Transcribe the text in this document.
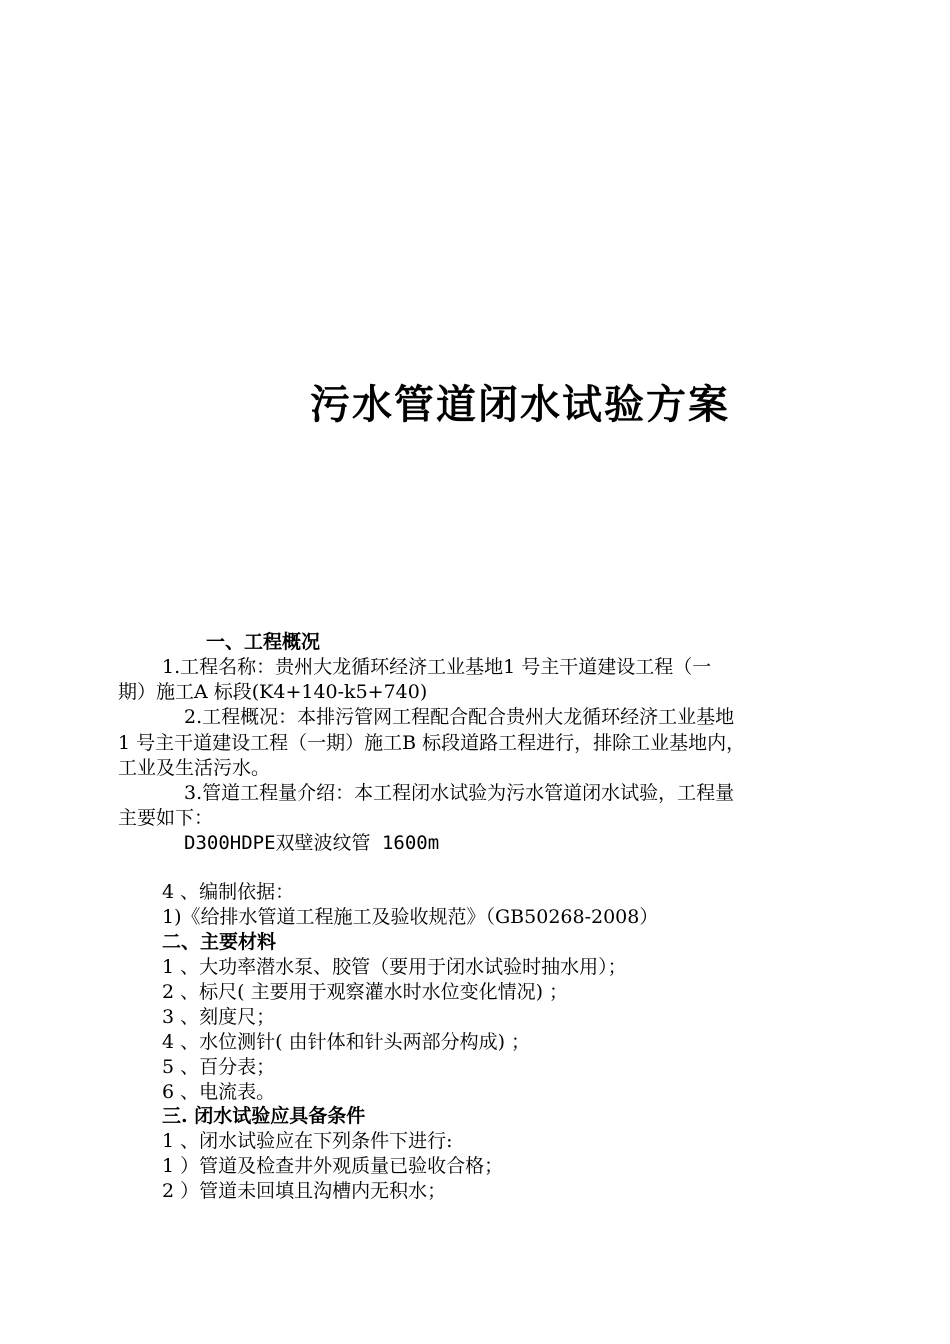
污水管道闭水试验方案
一、工程概况
1.工程名称：贵州大龙循环经济工业基地1 号主干道建设工程（一
期）施工A 标段(K4+140-k5+740)
2.工程概况：本排污管网工程配合配合贵州大龙循环经济工业基地
1 号主干道建设工程（一期）施工B 标段道路工程进行，排除工业基地内，
工业及生活污水。
3.管道工程量介绍：本工程闭水试验为污水管道闭水试验，工程量
主要如下：
D300HDPE双壁波纹管 1600m
4 、编制依据：
1)《给排水管道工程施工及验收规范》（GB50268-2008）
二、主要材料
1 、大功率潜水泵、胶管（要用于闭水试验时抽水用）；
2 、标尺( 主要用于观察灌水时水位变化情况) ；
3 、刻度尺；
4 、水位测针( 由针体和针头两部分构成) ；
5 、百分表；
6 、电流表。
三. 闭水试验应具备条件
1 、闭水试验应在下列条件下进行:
1 ）管道及检查井外观质量已验收合格；
2 ）管道未回填且沟槽内无积水；
